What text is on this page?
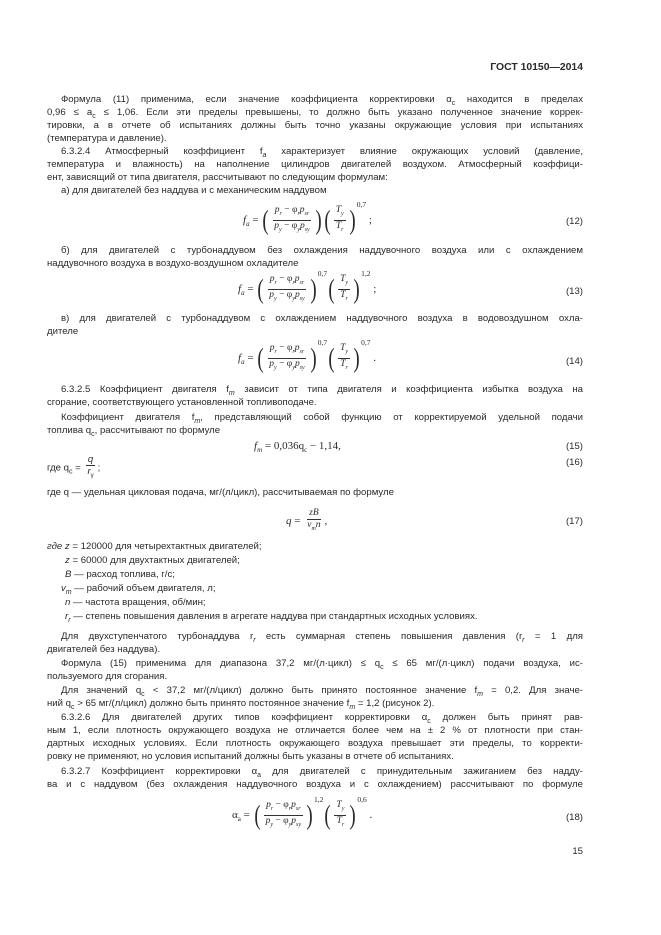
ГОСТ 10150—2014
Формула (11) применима, если значение коэффициента корректировки $\alpha_c$ находится в пределах
$0,96 \le a_c \le 1,06$. Если эти пределы превышены, то должно быть указано полученное значение коррек-
тировки, а в отчете об испытаниях должны быть точно указаны окружающие условия при испытаниях
(температура и давление).
6.3.2.4 Атмосферный коэффициент $f_a$ характеризует влияние окружающих условий (давление,
температура и влажность) на наполнение цилиндров двигателей воздухом. Атмосферный коэффици-
ент, зависящий от типа двигателя, рассчитывают по следующим формулам:
а) для двигателей без наддува и с механическим наддувом
$f_a$ = ( $\frac{p_r - \varphi_rp_{sr}}{p_y - \varphi_yp_{sy}}$ ) ( $\frac{T_y}{T_r} )^{0,7}$ ;	(12)
б) для двигателей с турбонаддувом без охлаждения наддувочного воздуха или с охлаждением
наддувочного воздуха в воздухо-воздушном охладителе
$f_a$ = ( $\frac{p_r - \varphi_rp_{sr}}{p_y - \varphi_yp_{sy}} )^{0,7}( \frac{T_y}{T_r} )^{1,2}$ ;	(13)
в) для двигателей с турбонаддувом с охлаждением наддувочного воздуха в водовоздушном охла-
дителе
$f_a$ = ( $\frac{p_r - \varphi_rp_{sr}}{p_y - \varphi_yp_{sy}} )^{0,7}( \frac{T_y}{T_r} )^{0,7}$ .	(14)
6.3.2.5 Коэффициент двигателя $f_m$ зависит от типа двигателя и коэффициента избытка воздуха на
сгорание, соответствующего установленной топливоподаче.
Коэффициент двигателя $f_m$, представляющий собой функцию от корректируемой удельной подачи
топлива $q_c$, рассчитывают по формуле
$f_m = 0,036q_c - 1,14$,	(15)
где $q_c = \frac{q}{r_\gamma}$ ;	(16)
где q — удельная цикловая подача, мг/(л/цикл), рассчитываемая по формуле
$q = \frac{zB}{v_mn}$ ,	(17)
где z = 120000 для четырехтактных двигателей;
z = 60000 для двухтактных двигателей;
B — расход топлива, г/с;
$v_m$ — рабочий объем двигателя, л;
n — частота вращения, об/мин;
$r_r$ — степень повышения давления в агрегате наддува при стандартных исходных условиях.
Для двухступенчатого турбонаддува $r_r$ есть суммарная степень повышения давления ($r_r = 1$ для
двигателей без наддува).
Формула (15) применима для диапазона 37,2 мг/(л·цикл) ≤ $q_c \le 65$ мг/(л·цикл) подачи воздуха, ис-
пользуемого для сгорания.
Для значений $q_c < 37,2$ мг/(л/цикл) должно быть принято постоянное значение $f_m = 0,2$. Для значе-
ний $q_c > 65$ мг/(л/цикл) должно быть принято постоянное значение $f_m = 1,2$ (рисунок 2).
6.3.2.6 Для двигателей других типов коэффициент корректировки $\alpha_c$ должен быть принят рав-
ным 1, если плотность окружающего воздуха не отличается более чем на ± 2 % от плотности при стан-
дартных исходных условиях. Если плотность окружающего воздуха превышает эти пределы, то корректи-
ровку не применяют, но условия испытаний должны быть указаны в отчете об испытаниях.
6.3.2.7 Коэффициент корректировки $\alpha_a$ для двигателей с принудительным зажиганием без надду-
ва и с наддувом (без охлаждения наддувочного воздуха и с охлаждением) рассчитывают по формуле
$\alpha_a$ = ( $\frac{p_r - \varphi_rp_{sr}}{p_y - \varphi_yp_{sy}} )^{1,2}( \frac{T_y}{T_r} )^{0,6}$ .	(18)
15
